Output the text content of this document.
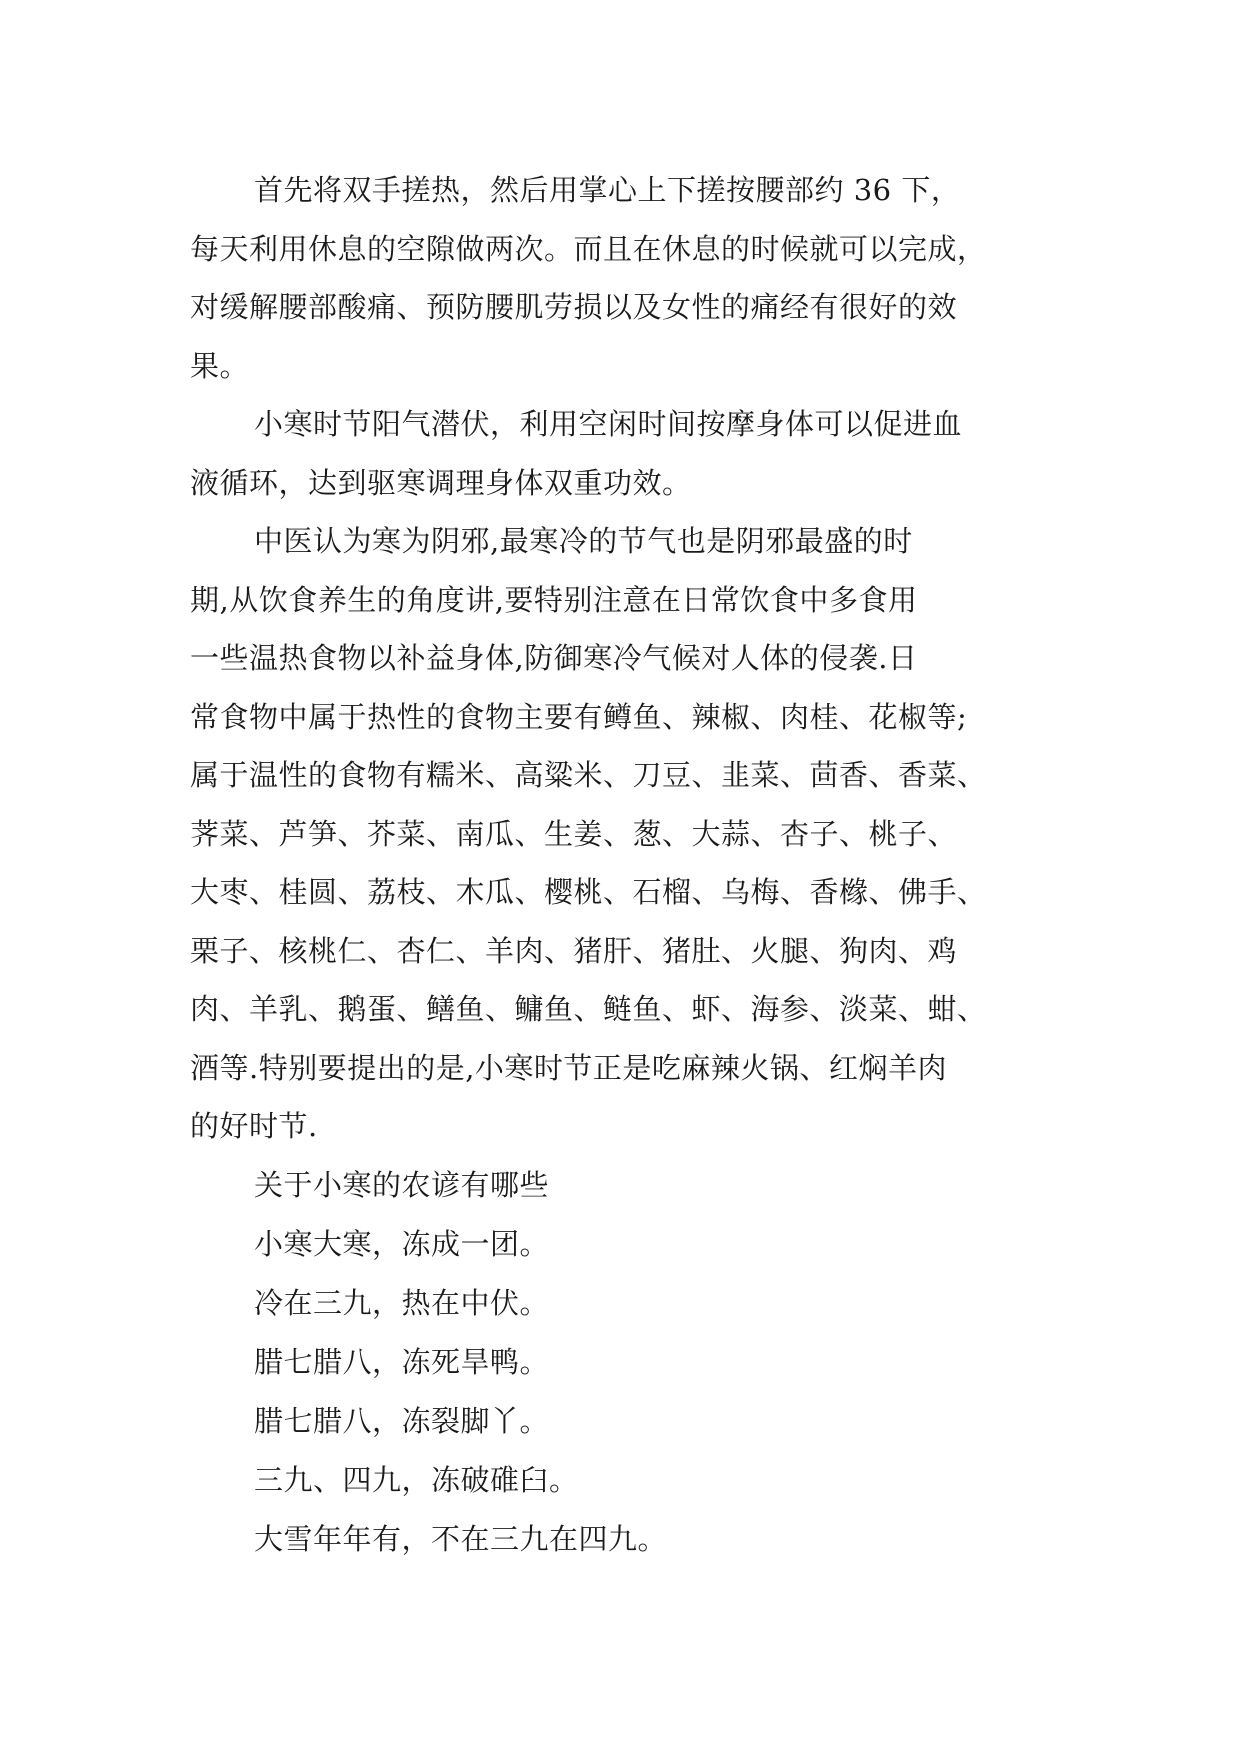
首先将双手搓热，然后用掌心上下搓按腰部约 36 下，
每天利用休息的空隙做两次。而且在休息的时候就可以完成，
对缓解腰部酸痛、预防腰肌劳损以及女性的痛经有很好的效
果。
小寒时节阳气潜伏，利用空闲时间按摩身体可以促进血
液循环，达到驱寒调理身体双重功效。
中医认为寒为阴邪,最寒冷的节气也是阴邪最盛的时
期,从饮食养生的角度讲,要特别注意在日常饮食中多食用
一些温热食物以补益身体,防御寒冷气候对人体的侵袭.日
常食物中属于热性的食物主要有鳟鱼、辣椒、肉桂、花椒等;
属于温性的食物有糯米、高粱米、刀豆、韭菜、茴香、香菜、
荠菜、芦笋、芥菜、南瓜、生姜、葱、大蒜、杏子、桃子、
大枣、桂圆、荔枝、木瓜、樱桃、石榴、乌梅、香橼、佛手、
栗子、核桃仁、杏仁、羊肉、猪肝、猪肚、火腿、狗肉、鸡
肉、羊乳、鹅蛋、鳝鱼、鳙鱼、鲢鱼、虾、海参、淡菜、蚶、
酒等.特别要提出的是,小寒时节正是吃麻辣火锅、红焖羊肉
的好时节.
关于小寒的农谚有哪些
小寒大寒，冻成一团。
冷在三九，热在中伏。
腊七腊八，冻死旱鸭。
腊七腊八，冻裂脚丫。
三九、四九，冻破碓臼。
大雪年年有，不在三九在四九。
